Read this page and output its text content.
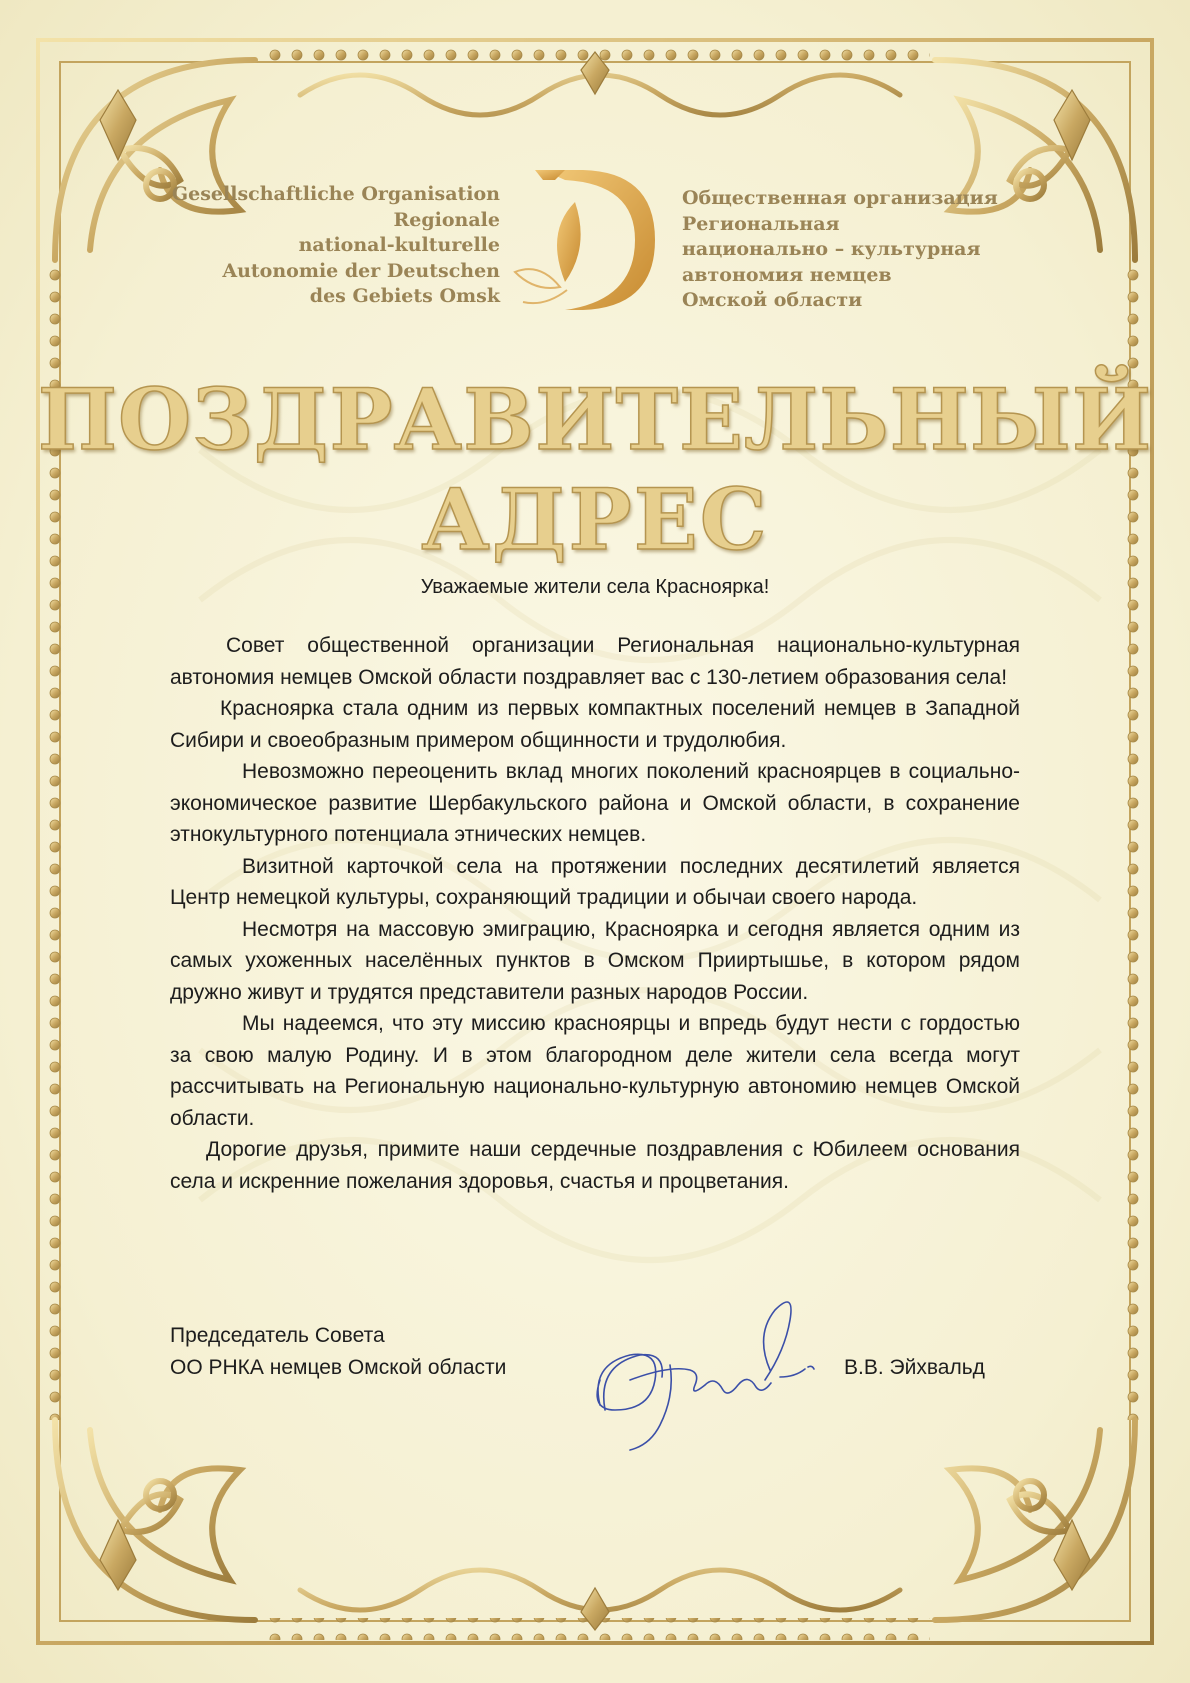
Gesellschaftliche Organisation
Regionale
national-kulturelle
Autonomie der Deutschen
des Gebiets Omsk
Общественная организация
Региональная
национально – культурная
автономия немцев
Омской области
ПОЗДРАВИТЕЛЬНЫЙ
АДРЕС
Уважаемые жители села Красноярка!

Совет общественной организации Региональная национально-культурная автономия немцев Омской области поздравляет вас с 130-летием образования села!

Красноярка стала одним из первых компактных поселений немцев в Западной Сибири и своеобразным примером общинности и трудолюбия.

Невозможно переоценить вклад многих поколений красноярцев в социально-экономическое развитие Шербакульского района и Омской области, в сохранение этнокультурного потенциала этнических немцев.

Визитной карточкой села на протяжении последних десятилетий является Центр немецкой культуры, сохраняющий традиции и обычаи своего народа.

Несмотря на массовую эмиграцию, Красноярка и сегодня является одним из самых ухоженных населённых пунктов в Омском Прииртышье, в котором рядом дружно живут и трудятся представители разных народов России.

Мы надеемся, что эту миссию красноярцы и впредь будут нести с гордостью за свою малую Родину. И в этом благородном деле жители села всегда могут рассчитывать на Региональную национально-культурную автономию немцев Омской области.

Дорогие друзья, примите наши сердечные поздравления с Юбилеем основания села и искренние пожелания здоровья, счастья и процветания.

Председатель Совета
ОО РНКА немцев Омской области	В.В. Эйхвальд
